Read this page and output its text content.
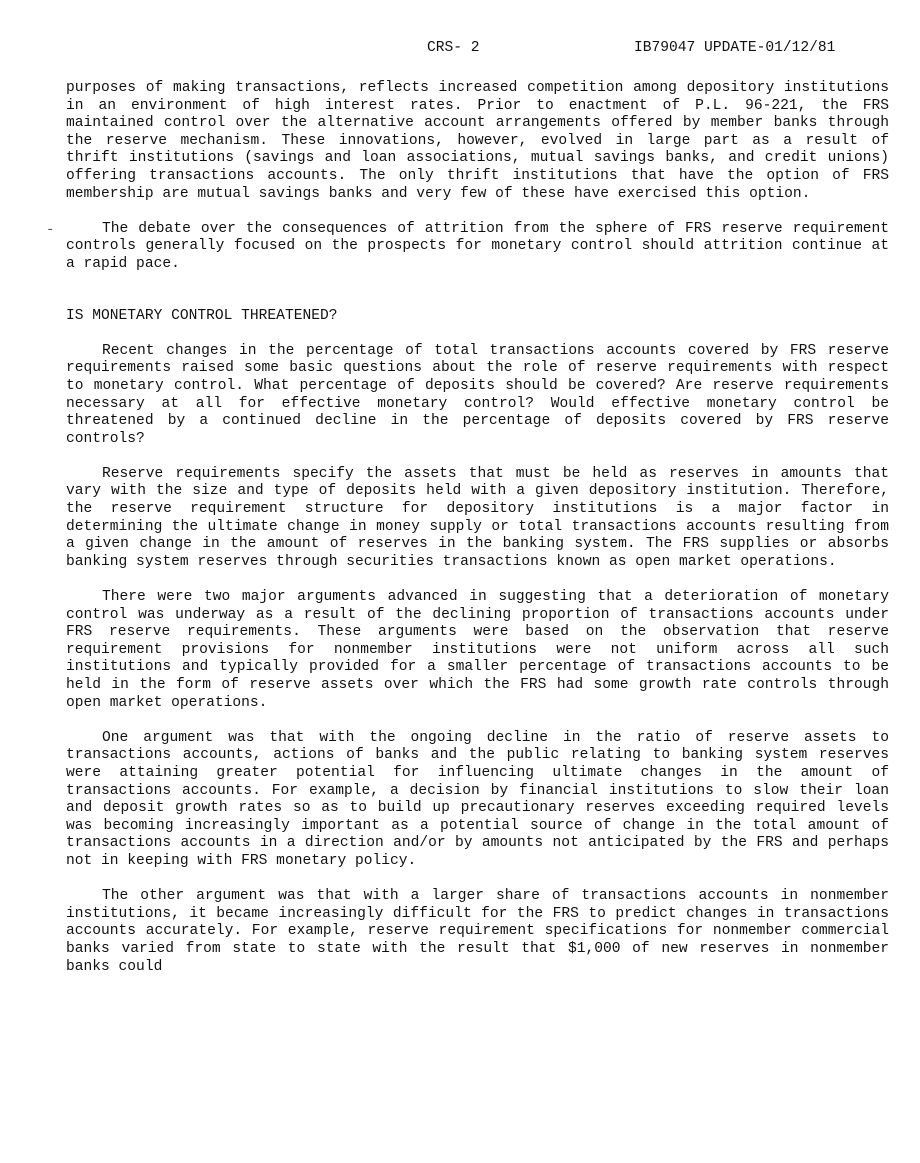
CRS- 2	IB79047 UPDATE-01/12/81
-

purposes of making transactions, reflects increased competition among depository institutions in an environment of high interest rates. Prior to enactment of P.L. 96-221, the FRS maintained control over the alternative account arrangements offered by member banks through the reserve mechanism. These innovations, however, evolved in large part as a result of thrift institutions (savings and loan associations, mutual savings banks, and credit unions) offering transactions accounts. The only thrift institutions that have the option of FRS membership are mutual savings banks and very few of these have exercised this option.

The debate over the consequences of attrition from the sphere of FRS reserve requirement controls generally focused on the prospects for monetary control should attrition continue at a rapid pace.

IS MONETARY CONTROL THREATENED?

Recent changes in the percentage of total transactions accounts covered by FRS reserve requirements raised some basic questions about the role of reserve requirements with respect to monetary control. What percentage of deposits should be covered? Are reserve requirements necessary at all for effective monetary control? Would effective monetary control be threatened by a continued decline in the percentage of deposits covered by FRS reserve controls?

Reserve requirements specify the assets that must be held as reserves in amounts that vary with the size and type of deposits held with a given depository institution. Therefore, the reserve requirement structure for depository institutions is a major factor in determining the ultimate change in money supply or total transactions accounts resulting from a given change in the amount of reserves in the banking system. The FRS supplies or absorbs banking system reserves through securities transactions known as open market operations.

There were two major arguments advanced in suggesting that a deterioration of monetary control was underway as a result of the declining proportion of transactions accounts under FRS reserve requirements. These arguments were based on the observation that reserve requirement provisions for nonmember institutions were not uniform across all such institutions and typically provided for a smaller percentage of transactions accounts to be held in the form of reserve assets over which the FRS had some growth rate controls through open market operations.

One argument was that with the ongoing decline in the ratio of reserve assets to transactions accounts, actions of banks and the public relating to banking system reserves were attaining greater potential for influencing ultimate changes in the amount of transactions accounts. For example, a decision by financial institutions to slow their loan and deposit growth rates so as to build up precautionary reserves exceeding required levels was becoming increasingly important as a potential source of change in the total amount of transactions accounts in a direction and/or by amounts not anticipated by the FRS and perhaps not in keeping with FRS monetary policy.

The other argument was that with a larger share of transactions accounts in nonmember institutions, it became increasingly difficult for the FRS to predict changes in transactions accounts accurately. For example, reserve requirement specifications for nonmember commercial banks varied from state to state with the result that $1,000 of new reserves in nonmember banks could
